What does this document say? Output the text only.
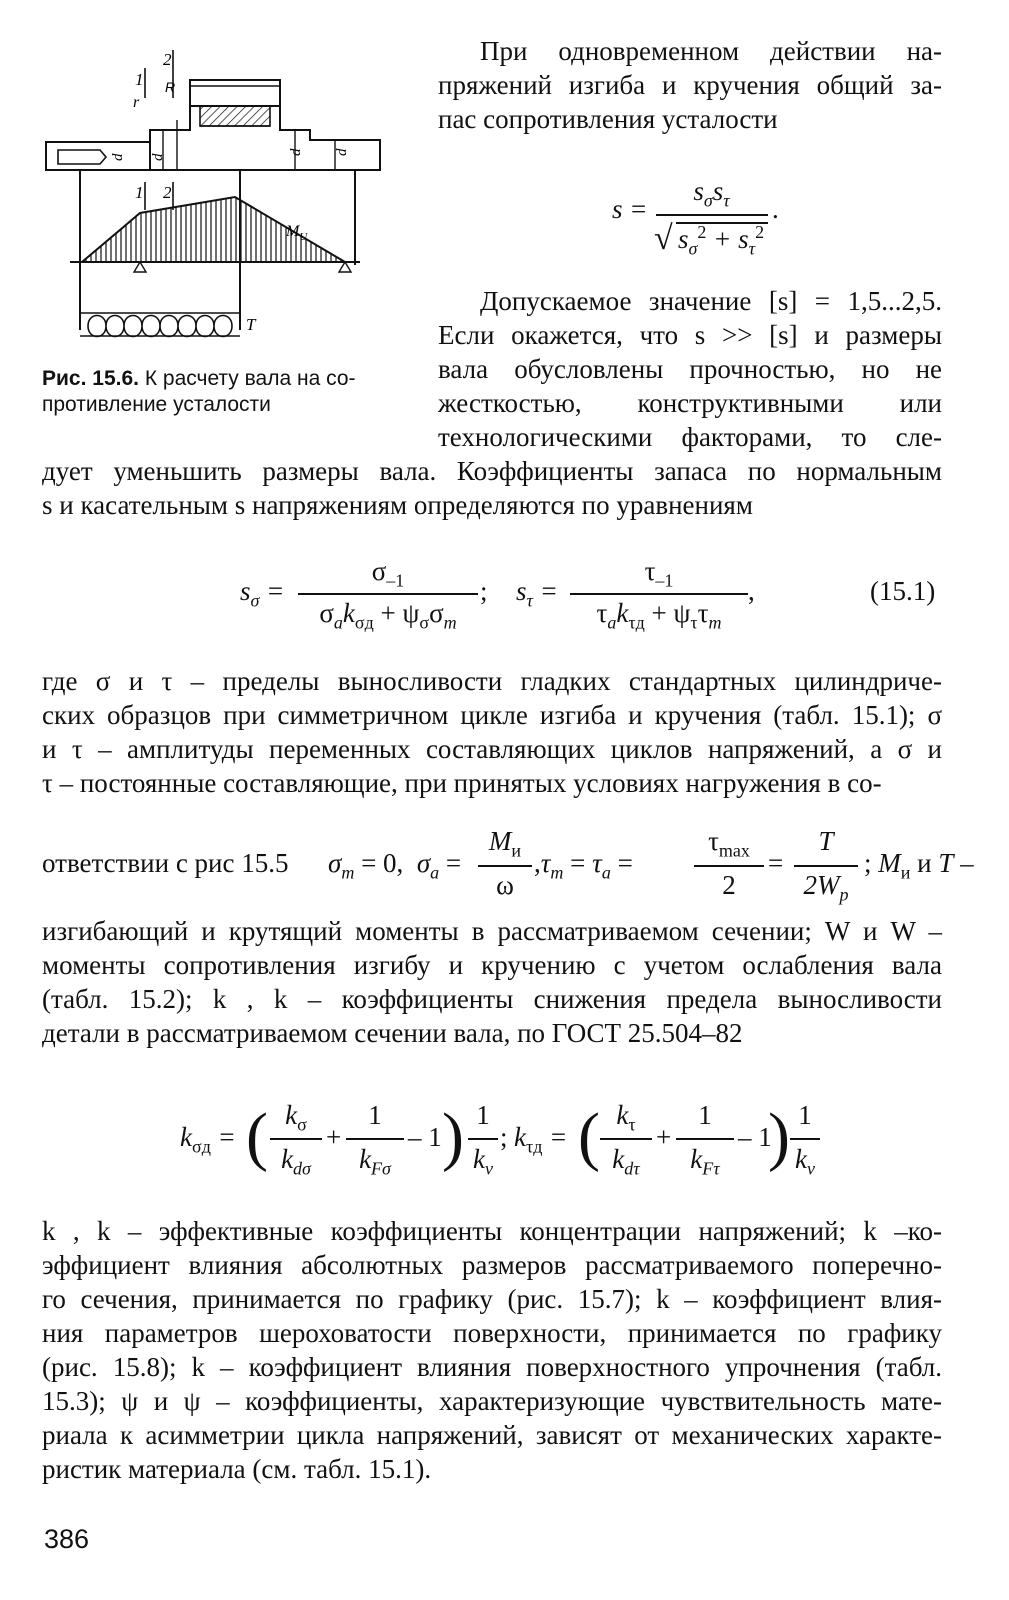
1
2
r
R
1 2
d d
d d
$M_U$
T
Рис. 15.6. К расчету вала на со-
противление усталости
При одновременном действии на-
пряжений изгиба и кручения общий за-
пас сопротивления усталости
s =
$s_\sigma s_\tau$
√ $s_\sigma^2 + s_\tau^2$
.
Допускаемое значение [s] = 1,5...2,5.
Если окажется, что s >> [s] и размеры
вала обусловлены прочностью, но не
жесткостью, конструктивными или
технологическими факторами, то сле-
дует уменьшить размеры вала. Коэффициенты запаса по нормальным
s и касательным s напряжениям определяются по уравнениям
$s_\sigma$ =
$\sigma_{-1}$
$\sigma_ak_{\sigma д} + \psi_\sigma\sigma_m$
; $s_\tau$ =
$\tau_{-1}$
$\tau_ak_{\tau д} + \psi_\tau\tau_m$
,	(15.1)
где σ и τ – пределы выносливости гладких стандартных цилиндриче-
ских образцов при симметричном цикле изгиба и кручения (табл. 15.1); σ
и τ – амплитуды переменных составляющих циклов напряжений, а σ и
τ – постоянные составляющие, при принятых условиях нагружения в со-
ответствии с рис 15.5 $\sigma_m = 0$,  $\sigma_a$ =
$M_и$
ω
$,\tau_m = \tau_a$ =
$\tau_{max}$
2
=
T
$2W_p$
; $M_и$ и T –
изгибающий и крутящий моменты в рассматриваемом сечении; W и W –
моменты сопротивления изгибу и кручению с учетом ослабления вала
(табл. 15.2); k , k – коэффициенты снижения предела выносливости
детали в рассматриваемом сечении вала, по ГОСТ 25.504–82
$k_{\sigma д}$ = ( $k_\sigma$
$k_{d\sigma}$
+
1
$k_{F\sigma}$
– 1 ) 1
$k_v$
; $k_{\tau д}$ = ( $k_\tau$
$k_{d\tau}$
+
1
$k_{F\tau}$
– 1
) 1
$k_v$
k , k – эффективные коэффициенты концентрации напряжений; k –ко-
эффициент влияния абсолютных размеров рассматриваемого поперечно-
го сечения, принимается по графику (рис. 15.7); k – коэффициент влия-
ния параметров шероховатости поверхности, принимается по графику
(рис. 15.8); k – коэффициент влияния поверхностного упрочнения (табл.
15.3); ψ и ψ – коэффициенты, характеризующие чувствительность мате-
риала к асимметрии цикла напряжений, зависят от механических характе-
ристик материала (см. табл. 15.1).
386
